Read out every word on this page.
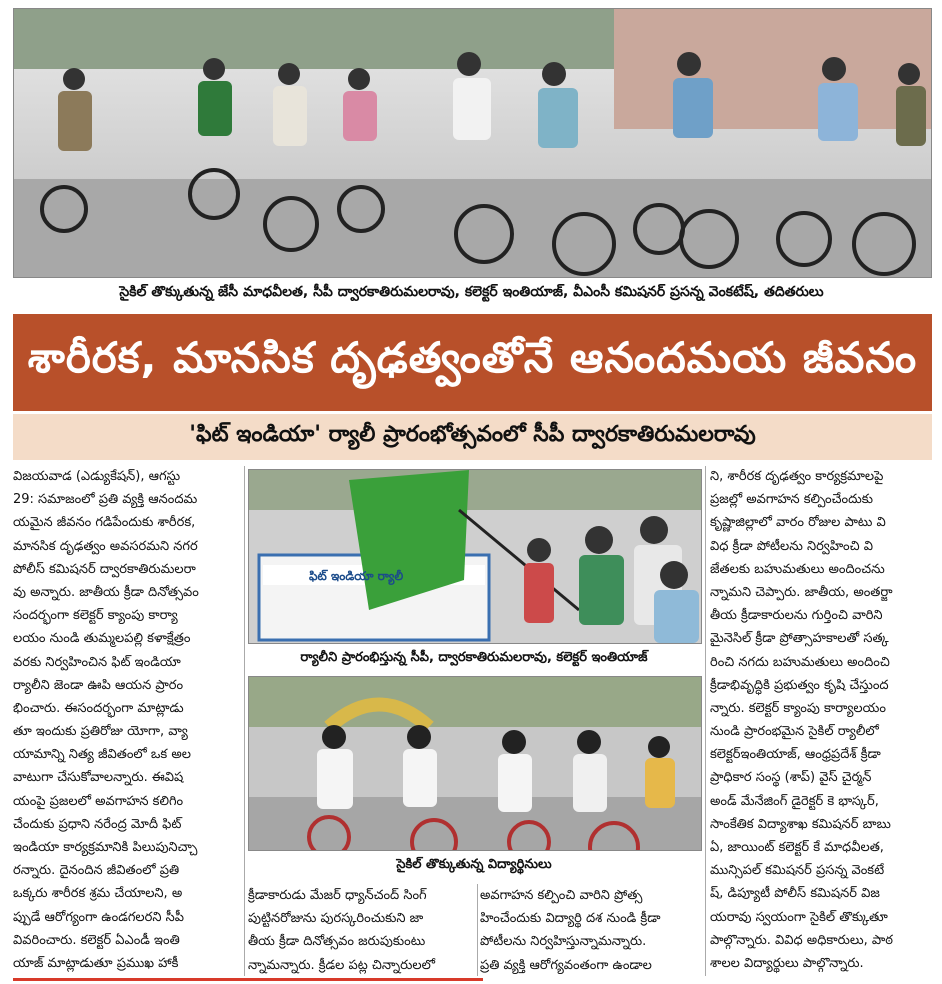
సైకిల్ తొక్కుతున్న జేసీ మాధవీలత, సీపీ ద్వారకాతిరుమలరావు, కలెక్టర్ ఇంతియాజ్, వీఎంసీ కమిషనర్ ప్రసన్న వెంకటేష్, తదితరులు
శారీరక, మానసిక దృఢత్వంతోనే ఆనందమయ జీవనం
'ఫిట్ ఇండియా' ర్యాలీ ప్రారంభోత్సవంలో సీపీ ద్వారకాతిరుమలరావు
విజయవాడ (ఎడ్యుకేషన్), ఆగస్టు
29: సమాజంలో ప్రతి వ్యక్తి ఆనందమ
యమైన జీవనం గడిపేందుకు శారీరక,
మానసిక దృఢత్వం అవసరమని నగర
పోలీస్ కమిషనర్ ద్వారకాతిరుమలరా
వు అన్నారు. జాతీయ క్రీడా దినోత్సవం
సందర్భంగా కలెక్టర్ క్యాంపు కార్యా
లయం నుండి తుమ్మలపల్లి కళాక్షేత్రం
వరకు నిర్వహించిన ఫిట్ ఇండియా
ర్యాలీని జెండా ఊపి ఆయన ప్రారం
భించారు. ఈసందర్భంగా మాట్లాడు
తూ ఇందుకు ప్రతిరోజు యోగా, వ్యా
యామాన్ని నిత్య జీవితంలో ఒక అల
వాటుగా చేసుకోవాలన్నారు. ఈవిష
యంపై ప్రజలలో అవగాహన కలిగిం
చేందుకు ప్రధాని నరేంద్ర మోదీ ఫిట్
ఇండియా కార్యక్రమానికి పిలుపునిచ్చా
రన్నారు. దైనందిన జీవితంలో ప్రతి
ఒక్కరు శారీరక శ్రమ చేయాలని, అ
ప్పుడే ఆరోగ్యంగా ఉండగలరని సీపీ
వివరించారు. కలెక్టర్ ఏఎండీ ఇంతి
యాజ్ మాట్లాడుతూ ప్రముఖ హాకీ
ఫిట్ ఇండియా ర్యాలీ
ర్యాలీని ప్రారంభిస్తున్న సీపీ, ద్వారకాతిరుమలరావు, కలెక్టర్ ఇంతియాజ్
సైకిల్ తొక్కుతున్న విద్యార్థినులు
క్రీడాకారుడు మేజర్ ధ్యాన్‌చంద్ సింగ్
పుట్టినరోజును పురస్కరించుకుని జా
తీయ క్రీడా దినోత్సవం జరుపుకుంటు
న్నామన్నారు. క్రీడల పట్ల చిన్నారులలో
అవగాహన కల్పించి వారిని ప్రోత్స
హించేందుకు విద్యార్థి దశ నుండి క్రీడా
పోటీలను నిర్వహిస్తున్నామన్నారు.
ప్రతి వ్యక్తి ఆరోగ్యవంతంగా ఉండాల
ని, శారీరక దృఢత్వం కార్యక్రమాలపై
ప్రజల్లో అవగాహన కల్పించేందుకు
కృష్ణాజిల్లాలో వారం రోజుల పాటు వి
విధ క్రీడా పోటీలను నిర్వహించి వి
జేతలకు బహుమతులు అందించను
న్నామని చెప్పారు. జాతీయ, అంతర్జా
తీయ క్రీడాకారులను గుర్తించి వారిని
మైనెసిల్ క్రీడా ప్రోత్సాహకాలతో సత్క
రించి నగదు బహుమతులు అందించి
క్రీడాభివృద్ధికి ప్రభుత్వం కృషి చేస్తుంద
న్నారు. కలెక్టర్ క్యాంపు కార్యాలయం
నుండి ప్రారంభమైన సైకిల్ ర్యాలీలో
కలెక్టర్‌ఇంతియాజ్, ఆంధ్రప్రదేశ్ క్రీడా
ప్రాధికార సంస్థ (శాప్) వైస్ చైర్మన్
అండ్ మేనేజింగ్ డైరెక్టర్ కె భాస్కర్,
సాంకేతిక విద్యాశాఖ కమిషనర్ బాబు
ఏ, జాయింట్ కలెక్టర్ కే మాధవీలత,
మున్సిపల్ కమిషనర్ ప్రసన్న వెంకటే
ష్, డిప్యూటీ పోలీస్ కమిషనర్ విజ
యరావు స్వయంగా సైకిల్ తొక్కుతూ
పాల్గొన్నారు. వివిధ అధికారులు, పాఠ
శాలల విద్యార్థులు పాల్గొన్నారు.
